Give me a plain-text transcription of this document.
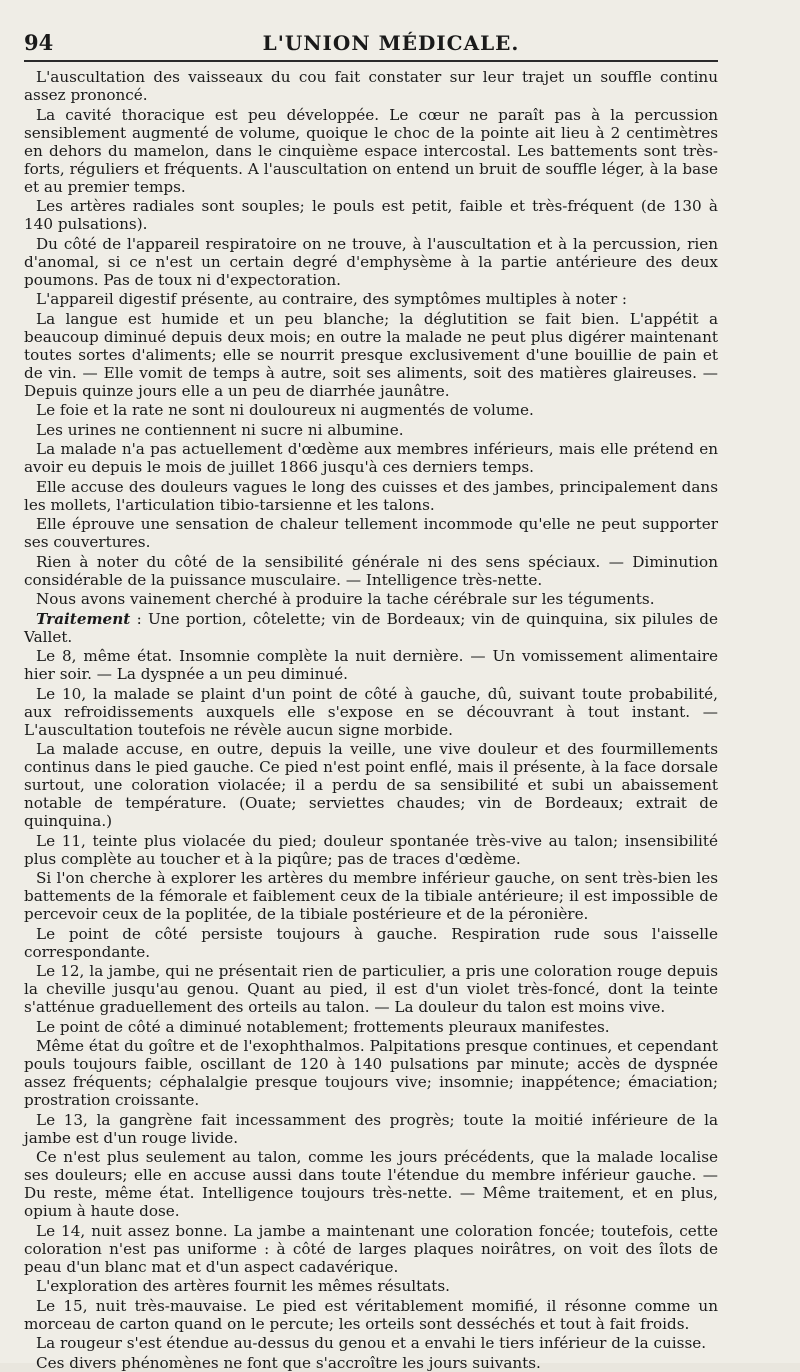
94	L'UNION MÉDICALE.

L'auscultation des vaisseaux du cou fait constater sur leur trajet un souffle continu assez prononcé.

La cavité thoracique est peu développée. Le cœur ne paraît pas à la percussion sensiblement augmenté de volume, quoique le choc de la pointe ait lieu à 2 centimètres en dehors du mamelon, dans le cinquième espace intercostal. Les battements sont très-forts, réguliers et fréquents. A l'auscultation on entend un bruit de souffle léger, à la base et au premier temps.

Les artères radiales sont souples; le pouls est petit, faible et très-fréquent (de 130 à 140 pulsations).

Du côté de l'appareil respiratoire on ne trouve, à l'auscultation et à la percussion, rien d'anomal, si ce n'est un certain degré d'emphysème à la partie antérieure des deux poumons. Pas de toux ni d'expectoration.

L'appareil digestif présente, au contraire, des symptômes multiples à noter :

La langue est humide et un peu blanche; la déglutition se fait bien. L'appétit a beaucoup diminué depuis deux mois; en outre la malade ne peut plus digérer maintenant toutes sortes d'aliments; elle se nourrit presque exclusivement d'une bouillie de pain et de vin. — Elle vomit de temps à autre, soit ses aliments, soit des matières glaireuses. — Depuis quinze jours elle a un peu de diarrhée jaunâtre.

Le foie et la rate ne sont ni douloureux ni augmentés de volume.

Les urines ne contiennent ni sucre ni albumine.

La malade n'a pas actuellement d'œdème aux membres inférieurs, mais elle prétend en avoir eu depuis le mois de juillet 1866 jusqu'à ces derniers temps.

Elle accuse des douleurs vagues le long des cuisses et des jambes, principalement dans les mollets, l'articulation tibio-tarsienne et les talons.

Elle éprouve une sensation de chaleur tellement incommode qu'elle ne peut supporter ses couvertures.

Rien à noter du côté de la sensibilité générale ni des sens spéciaux. — Diminution considérable de la puissance musculaire. — Intelligence très-nette.

Nous avons vainement cherché à produire la tache cérébrale sur les téguments.

Traitement : Une portion, côtelette; vin de Bordeaux; vin de quinquina, six pilules de Vallet.

Le 8, même état. Insomnie complète la nuit dernière. — Un vomissement alimentaire hier soir. — La dyspnée a un peu diminué.

Le 10, la malade se plaint d'un point de côté à gauche, dû, suivant toute probabilité, aux refroidissements auxquels elle s'expose en se découvrant à tout instant. — L'auscultation toutefois ne révèle aucun signe morbide.

La malade accuse, en outre, depuis la veille, une vive douleur et des fourmillements continus dans le pied gauche. Ce pied n'est point enflé, mais il présente, à la face dorsale surtout, une coloration violacée; il a perdu de sa sensibilité et subi un abaissement notable de température. (Ouate; serviettes chaudes; vin de Bordeaux; extrait de quinquina.)

Le 11, teinte plus violacée du pied; douleur spontanée très-vive au talon; insensibilité plus complète au toucher et à la piqûre; pas de traces d'œdème.

Si l'on cherche à explorer les artères du membre inférieur gauche, on sent très-bien les battements de la fémorale et faiblement ceux de la tibiale antérieure; il est impossible de percevoir ceux de la poplitée, de la tibiale postérieure et de la péronière.

Le point de côté persiste toujours à gauche. Respiration rude sous l'aisselle correspondante.

Le 12, la jambe, qui ne présentait rien de particulier, a pris une coloration rouge depuis la cheville jusqu'au genou. Quant au pied, il est d'un violet très-foncé, dont la teinte s'atténue graduellement des orteils au talon. — La douleur du talon est moins vive.

Le point de côté a diminué notablement; frottements pleuraux manifestes.

Même état du goître et de l'exophthalmos. Palpitations presque continues, et cependant pouls toujours faible, oscillant de 120 à 140 pulsations par minute; accès de dyspnée assez fréquents; céphalalgie presque toujours vive; insomnie; inappétence; émaciation; prostration croissante.

Le 13, la gangrène fait incessamment des progrès; toute la moitié inférieure de la jambe est d'un rouge livide.

Ce n'est plus seulement au talon, comme les jours précédents, que la malade localise ses douleurs; elle en accuse aussi dans toute l'étendue du membre inférieur gauche. — Du reste, même état. Intelligence toujours très-nette. — Même traitement, et en plus, opium à haute dose.

Le 14, nuit assez bonne. La jambe a maintenant une coloration foncée; toutefois, cette coloration n'est pas uniforme : à côté de larges plaques noirâtres, on voit des îlots de peau d'un blanc mat et d'un aspect cadavérique.

L'exploration des artères fournit les mêmes résultats.

Le 15, nuit très-mauvaise. Le pied est véritablement momifié, il résonne comme un morceau de carton quand on le percute; les orteils sont desséchés et tout à fait froids.

La rougeur s'est étendue au-dessus du genou et a envahi le tiers inférieur de la cuisse.

Ces divers phénomènes ne font que s'accroître les jours suivants.
